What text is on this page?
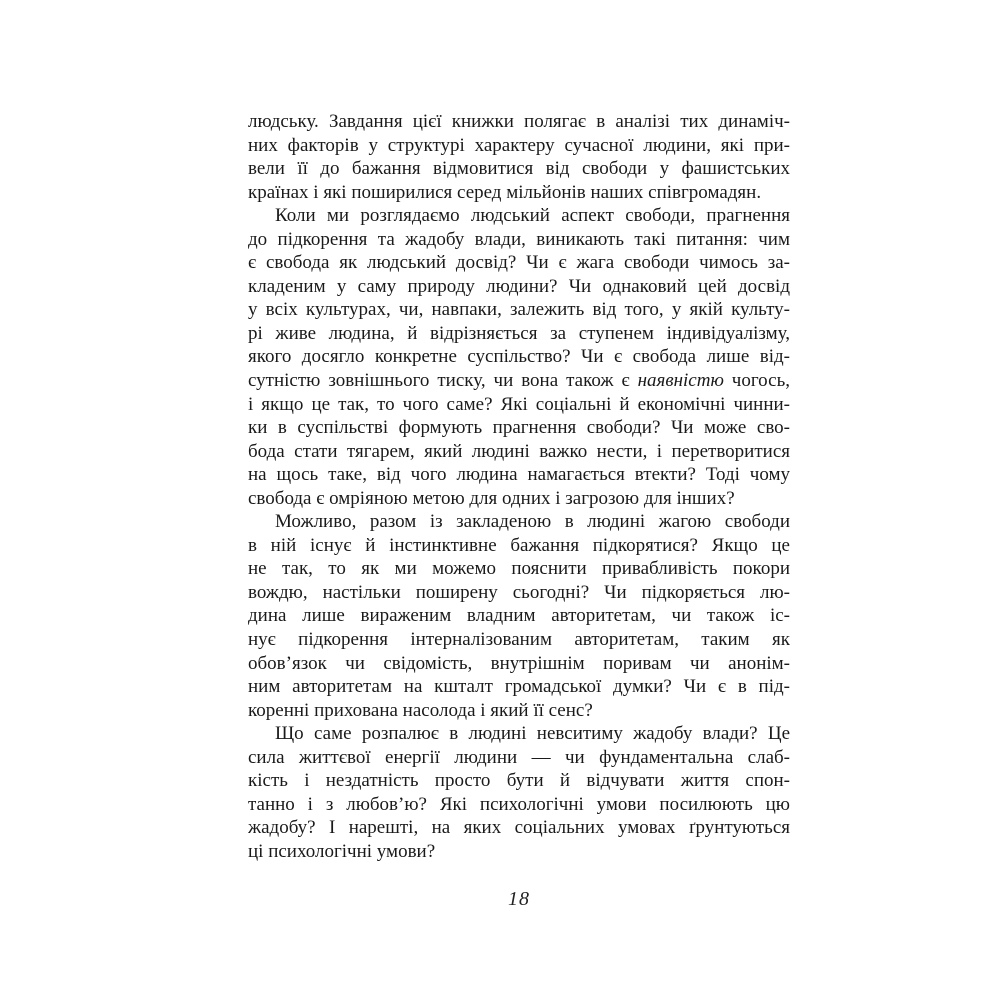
людську. Завдання цієї книжки полягає в аналізі тих динаміч-
них факторів у структурі характеру сучасної людини, які при-
вели її до бажання відмовитися від свободи у фашистських
країнах і які поширилися серед мільйонів наших співгромадян.

Коли ми розглядаємо людський аспект свободи, прагнення
до підкорення та жадобу влади, виникають такі питання: чим
є свобода як людський досвід? Чи є жага свободи чимось за-
кладеним у саму природу людини? Чи однаковий цей досвід
у всіх культурах, чи, навпаки, залежить від того, у якій культу-
рі живе людина, й відрізняється за ступенем індивідуалізму,
якого досягло конкретне суспільство? Чи є свобода лише від-
сутністю зовнішнього тиску, чи вона також є наявністю чогось,
і якщо це так, то чого саме? Які соціальні й економічні чинни-
ки в суспільстві формують прагнення свободи? Чи може сво-
бода стати тягарем, який людині важко нести, і перетворитися
на щось таке, від чого людина намагається втекти? Тоді чому
свобода є омріяною метою для одних і загрозою для інших?

Можливо, разом із закладеною в людині жагою свободи
в ній існує й інстинктивне бажання підкорятися? Якщо це
не так, то як ми можемо пояснити привабливість покори
вождю, настільки поширену сьогодні? Чи підкоряється лю-
дина лише вираженим владним авторитетам, чи також іс-
нує підкорення інтерналізованим авторитетам, таким як
обов’язок чи свідомість, внутрішнім поривам чи анонім-
ним авторитетам на кшталт громадської думки? Чи є в під-
коренні прихована насолода і який її сенс?

Що саме розпалює в людині невситиму жадобу влади? Це
сила життєвої енергії людини — чи фундаментальна слаб-
кість і нездатність просто бути й відчувати життя спон-
танно і з любов’ю? Які психологічні умови посилюють цю
жадобу? І нарешті, на яких соціальних умовах ґрунтуються
ці психологічні умови?

18
